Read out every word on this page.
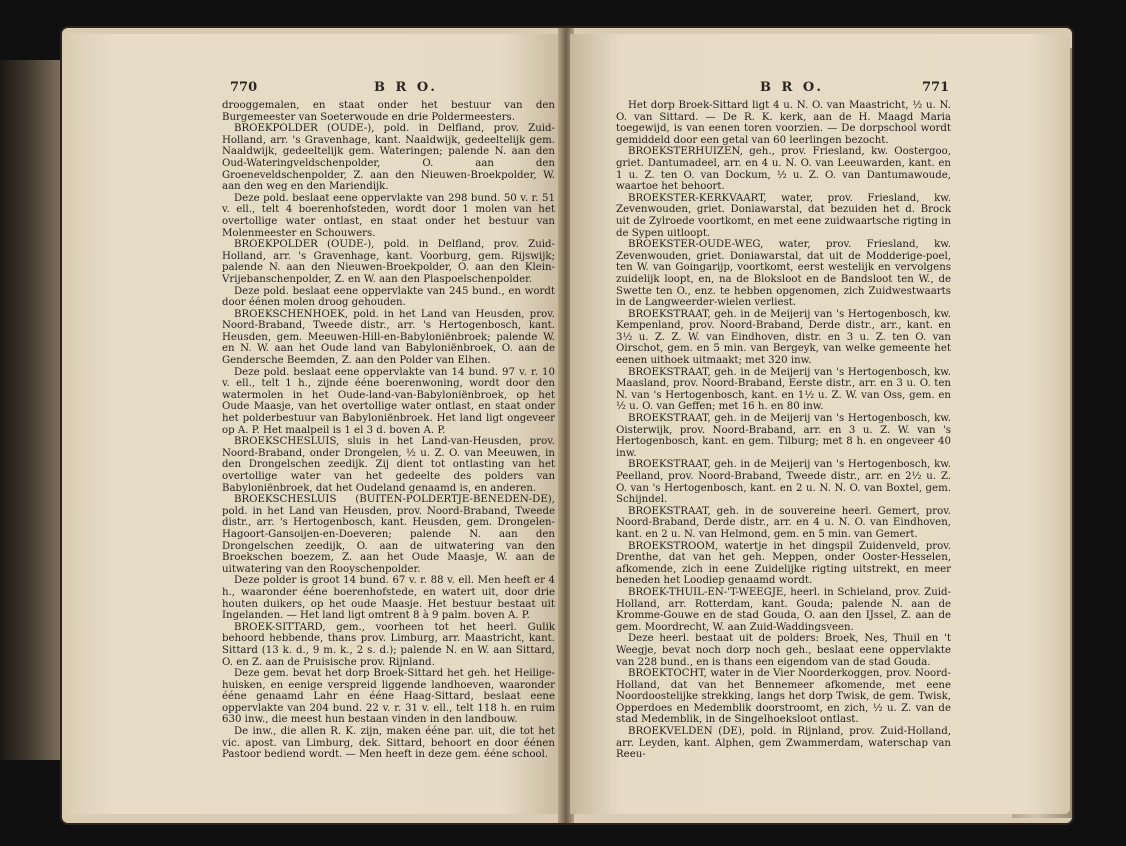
770	B R O.

drooggemalen, en staat onder het bestuur van den Burgemeester van Soeterwoude en drie Poldermeesters.

BROEKPOLDER (OUDE-), pold. in Delfland, prov. Zuid-Holland, arr. 's Gravenhage, kant. Naaldwijk, gedeeltelijk gem. Naaldwijk, gedeeltelijk gem. Wateringen; palende N. aan den Oud-Wateringveldschenpolder, O. aan den Groeneveldschenpolder, Z. aan den Nieuwen-Broekpolder, W. aan den weg en den Mariendijk.

Deze pold. beslaat eene oppervlakte van 298 bund. 50 v. r. 51 v. ell., telt 4 boerenhofsteden, wordt door 1 molen van het overtollige water ontlast, en staat onder het bestuur van Molenmeester en Schouwers.

BROEKPOLDER (OUDE-), pold. in Delfland, prov. Zuid-Holland, arr. 's Gravenhage, kant. Voorburg, gem. Rijswijk; palende N. aan den Nieuwen-Broekpolder, O. aan den Klein-Vrijebanschenpolder, Z. en W. aan den Plaspoelschenpolder.

Deze pold. beslaat eene oppervlakte van 245 bund., en wordt door éénen molen droog gehouden.

BROEKSCHENHOEK, pold. in het Land van Heusden, prov. Noord-Braband, Tweede distr., arr. 's Hertogenbosch, kant. Heusden, gem. Meeuwen-Hill-en-Babyloniënbroek; palende W. en N. W. aan het Oude land van Babyloniënbroek, O. aan de Gendersche Beemden, Z. aan den Polder van Elhen.

Deze pold. beslaat eene oppervlakte van 14 bund. 97 v. r. 10 v. ell., telt 1 h., zijnde ééne boerenwoning, wordt door den watermolen in het Oude-land-van-Babyloniënbroek, op het Oude Maasje, van het overtollige water ontlast, en staat onder het polderbestuur van Babyloniënbroek. Het land ligt ongeveer op A. P. Het maalpeil is 1 el 3 d. boven A. P.

BROEKSCHESLUIS, sluis in het Land-van-Heusden, prov. Noord-Braband, onder Drongelen, ½ u. Z. O. van Meeuwen, in den Drongelschen zeedijk. Zij dient tot ontlasting van het overtollige water van het gedeelte des polders van Babyloniënbroek, dat het Oudeland genaamd is, en anderen.

BROEKSCHESLUIS (BUITEN-POLDERTJE-BENEDEN-DE), pold. in het Land van Heusden, prov. Noord-Braband, Tweede distr., arr. 's Hertogenbosch, kant. Heusden, gem. Drongelen-Hagoort-Gansoijen-en-Doeveren; palende N. aan den Drongelschen zeedijk, O. aan de uitwatering van den Broekschen boezem, Z. aan het Oude Maasje, W. aan de uitwatering van den Rooyschenpolder.

Deze polder is groot 14 bund. 67 v. r. 88 v. ell. Men heeft er 4 h., waaronder ééne boerenhofstede, en watert uit, door drie houten duikers, op het oude Maasje. Het bestuur bestaat uit Ingelanden. — Het land ligt omtrent 8 à 9 palm. boven A. P.

BROEK-SITTARD, gem., voorheen tot het heerl. Gulik behoord hebbende, thans prov. Limburg, arr. Maastricht, kant. Sittard (13 k. d., 9 m. k., 2 s. d.); palende N. en W. aan Sittard, O. en Z. aan de Pruisische prov. Rijnland.

Deze gem. bevat het dorp Broek-Sittard het geh. het Heilige-huisken, en eenige verspreid liggende landhoeven, waaronder ééne genaamd Lahr en ééne Haag-Sittard, beslaat eene oppervlakte van 204 bund. 22 v. r. 31 v. ell., telt 118 h. en ruim 630 inw., die meest hun bestaan vinden in den landbouw.

De inw., die allen R. K. zijn, maken ééne par. uit, die tot het vic. apost. van Limburg, dek. Sittard, behoort en door éénen Pastoor bediend wordt. — Men heeft in deze gem. ééne school.

B R O.	771

Het dorp Broek-Sittard ligt 4 u. N. O. van Maastricht, ½ u. N. O. van Sittard. — De R. K. kerk, aan de H. Maagd Maria toegewijd, is van eenen toren voorzien. — De dorpschool wordt gemiddeld door een getal van 60 leerlingen bezocht.

BROEKSTERHUIZEN, geh., prov. Friesland, kw. Oostergoo, griet. Dantumadeel, arr. en 4 u. N. O. van Leeuwarden, kant. en 1 u. Z. ten O. van Dockum, ½ u. Z. O. van Dantumawoude, waartoe het behoort.

BROEKSTER-KERKVAART, water, prov. Friesland, kw. Zevenwouden, griet. Doniawarstal, dat bezuiden het d. Brock uit de Zylroede voortkomt, en met eene zuidwaartsche rigting in de Sypen uitloopt.

BROEKSTER-OUDE-WEG, water, prov. Friesland, kw. Zevenwouden, griet. Doniawarstal, dat uit de Modderige-poel, ten W. van Goingarijp, voortkomt, eerst westelijk en vervolgens zuidelijk loopt, en, na de Bloksloot en de Bandsloot ten W., de Swette ten O., enz. te hebben opgenomen, zich Zuidwestwaarts in de Langweerder-wielen verliest.

BROEKSTRAAT, geh. in de Meijerij van 's Hertogenbosch, kw. Kempenland, prov. Noord-Braband, Derde distr., arr., kant. en 3½ u. Z. Z. W. van Eindhoven, distr. en 3 u. Z. ten O. van Oirschot, gem. en 5 min. van Bergeyk, van welke gemeente het eenen uithoek uitmaakt; met 320 inw.

BROEKSTRAAT, geh. in de Meijerij van 's Hertogenbosch, kw. Maasland, prov. Noord-Braband, Eerste distr., arr. en 3 u. O. ten N. van 's Hertogenbosch, kant. en 1½ u. Z. W. van Oss, gem. en ½ u. O. van Geffen; met 16 h. en 80 inw.

BROEKSTRAAT, geh. in de Meijerij van 's Hertogenbosch, kw. Oisterwijk, prov. Noord-Braband, arr. en 3 u. Z. W. van 's Hertogenbosch, kant. en gem. Tilburg; met 8 h. en ongeveer 40 inw.

BROEKSTRAAT, geh. in de Meijerij van 's Hertogenbosch, kw. Peelland, prov. Noord-Braband, Tweede distr., arr. en 2½ u. Z. O. van 's Hertogenbosch, kant. en 2 u. N. N. O. van Boxtel, gem. Schijndel.

BROEKSTRAAT, geh. in de souvereine heerl. Gemert, prov. Noord-Braband, Derde distr., arr. en 4 u. N. O. van Eindhoven, kant. en 2 u. N. van Helmond, gem. en 5 min. van Gemert.

BROEKSTROOM, watertje in het dingspil Zuidenveld, prov. Drenthe, dat van het geh. Meppen, onder Ooster-Hesselen, afkomende, zich in eene Zuidelijke rigting uitstrekt, en meer beneden het Loodiep genaamd wordt.

BROEK-THUIL-EN-'T-WEEGJE, heerl. in Schieland, prov. Zuid-Holland, arr. Rotterdam, kant. Gouda; palende N. aan de Kromme-Gouwe en de stad Gouda, O. aan den IJssel, Z. aan de gem. Moordrecht, W. aan Zuid-Waddingsveen.

Deze heerl. bestaat uit de polders: Broek, Nes, Thuil en 't Weegje, bevat noch dorp noch geh., beslaat eene oppervlakte van 228 bund., en is thans een eigendom van de stad Gouda.

BROEKTOCHT, water in de Vier Noorderkoggen, prov. Noord-Holland, dat van het Bennemeer afkomende, met eene Noordoostelijke strekking, langs het dorp Twisk, de gem. Twisk, Opperdoes en Medemblik doorstroomt, en zich, ½ u. Z. van de stad Medemblik, in de Singelhoeksloot ontlast.

BROEKVELDEN (DE), pold. in Rijnland, prov. Zuid-Holland, arr. Leyden, kant. Alphen, gem Zwammerdam, waterschap van Reeu-
